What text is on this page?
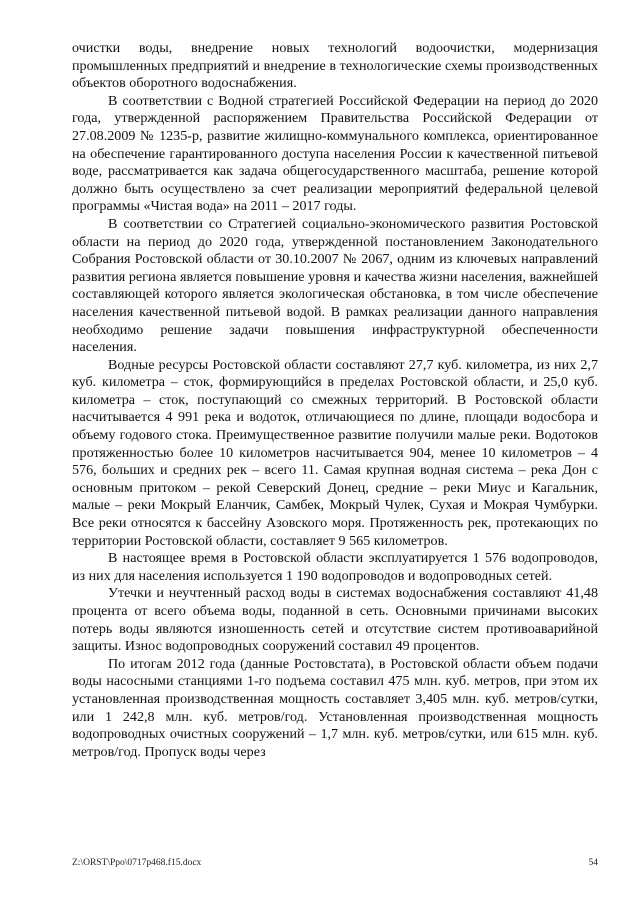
очистки воды, внедрение новых технологий водоочистки, модернизация промышленных предприятий и внедрение в технологические схемы производственных объектов оборотного водоснабжения.

В соответствии с Водной стратегией Российской Федерации на период до 2020 года, утвержденной распоряжением Правительства Российской Федерации от 27.08.2009 № 1235-р, развитие жилищно-коммунального комплекса, ориентированное на обеспечение гарантированного доступа населения России к качественной питьевой воде, рассматривается как задача общегосударственного масштаба, решение которой должно быть осуществлено за счет реализации мероприятий федеральной целевой программы «Чистая вода» на 2011 – 2017 годы.

В соответствии со Стратегией социально-экономического развития Ростовской области на период до 2020 года, утвержденной постановлением Законодательного Собрания Ростовской области от 30.10.2007 № 2067, одним из ключевых направлений развития региона является повышение уровня и качества жизни населения, важнейшей составляющей которого является экологическая обстановка, в том числе обеспечение населения качественной питьевой водой. В рамках реализации данного направления необходимо решение задачи повышения инфраструктурной обеспеченности населения.

Водные ресурсы Ростовской области составляют 27,7 куб. километра, из них 2,7 куб. километра – сток, формирующийся в пределах Ростовской области, и 25,0 куб. километра – сток, поступающий со смежных территорий. В Ростовской области насчитывается 4 991 река и водоток, отличающиеся по длине, площади водосбора и объему годового стока. Преимущественное развитие получили малые реки. Водотоков протяженностью более 10 километров насчитывается 904, менее 10 километров – 4 576, больших и средних рек – всего 11. Самая крупная водная система – река Дон с основным притоком – рекой Северский Донец, средние – реки Миус и Кагальник, малые – реки Мокрый Еланчик, Самбек, Мокрый Чулек, Сухая и Мокрая Чумбурки. Все реки относятся к бассейну Азовского моря. Протяженность рек, протекающих по территории Ростовской области, составляет 9 565 километров.

В настоящее время в Ростовской области эксплуатируется 1 576 водопроводов, из них для населения используется 1 190 водопроводов и водопроводных сетей.

Утечки и неучтенный расход воды в системах водоснабжения составляют 41,48 процента от всего объема воды, поданной в сеть. Основными причинами высоких потерь воды являются изношенность сетей и отсутствие систем противоаварийной защиты. Износ водопроводных сооружений составил 49 процентов.

По итогам 2012 года (данные Ростовстата), в Ростовской области объем подачи воды насосными станциями 1-го подъема составил 475 млн. куб. метров, при этом их установленная производственная мощность составляет 3,405 млн. куб. метров/сутки, или 1 242,8 млн. куб. метров/год. Установленная производственная мощность водопроводных очистных сооружений – 1,7 млн. куб. метров/сутки, или 615 млн. куб. метров/год. Пропуск воды через

Z:\ORST\Ppo\0717p468.f15.docx	54
